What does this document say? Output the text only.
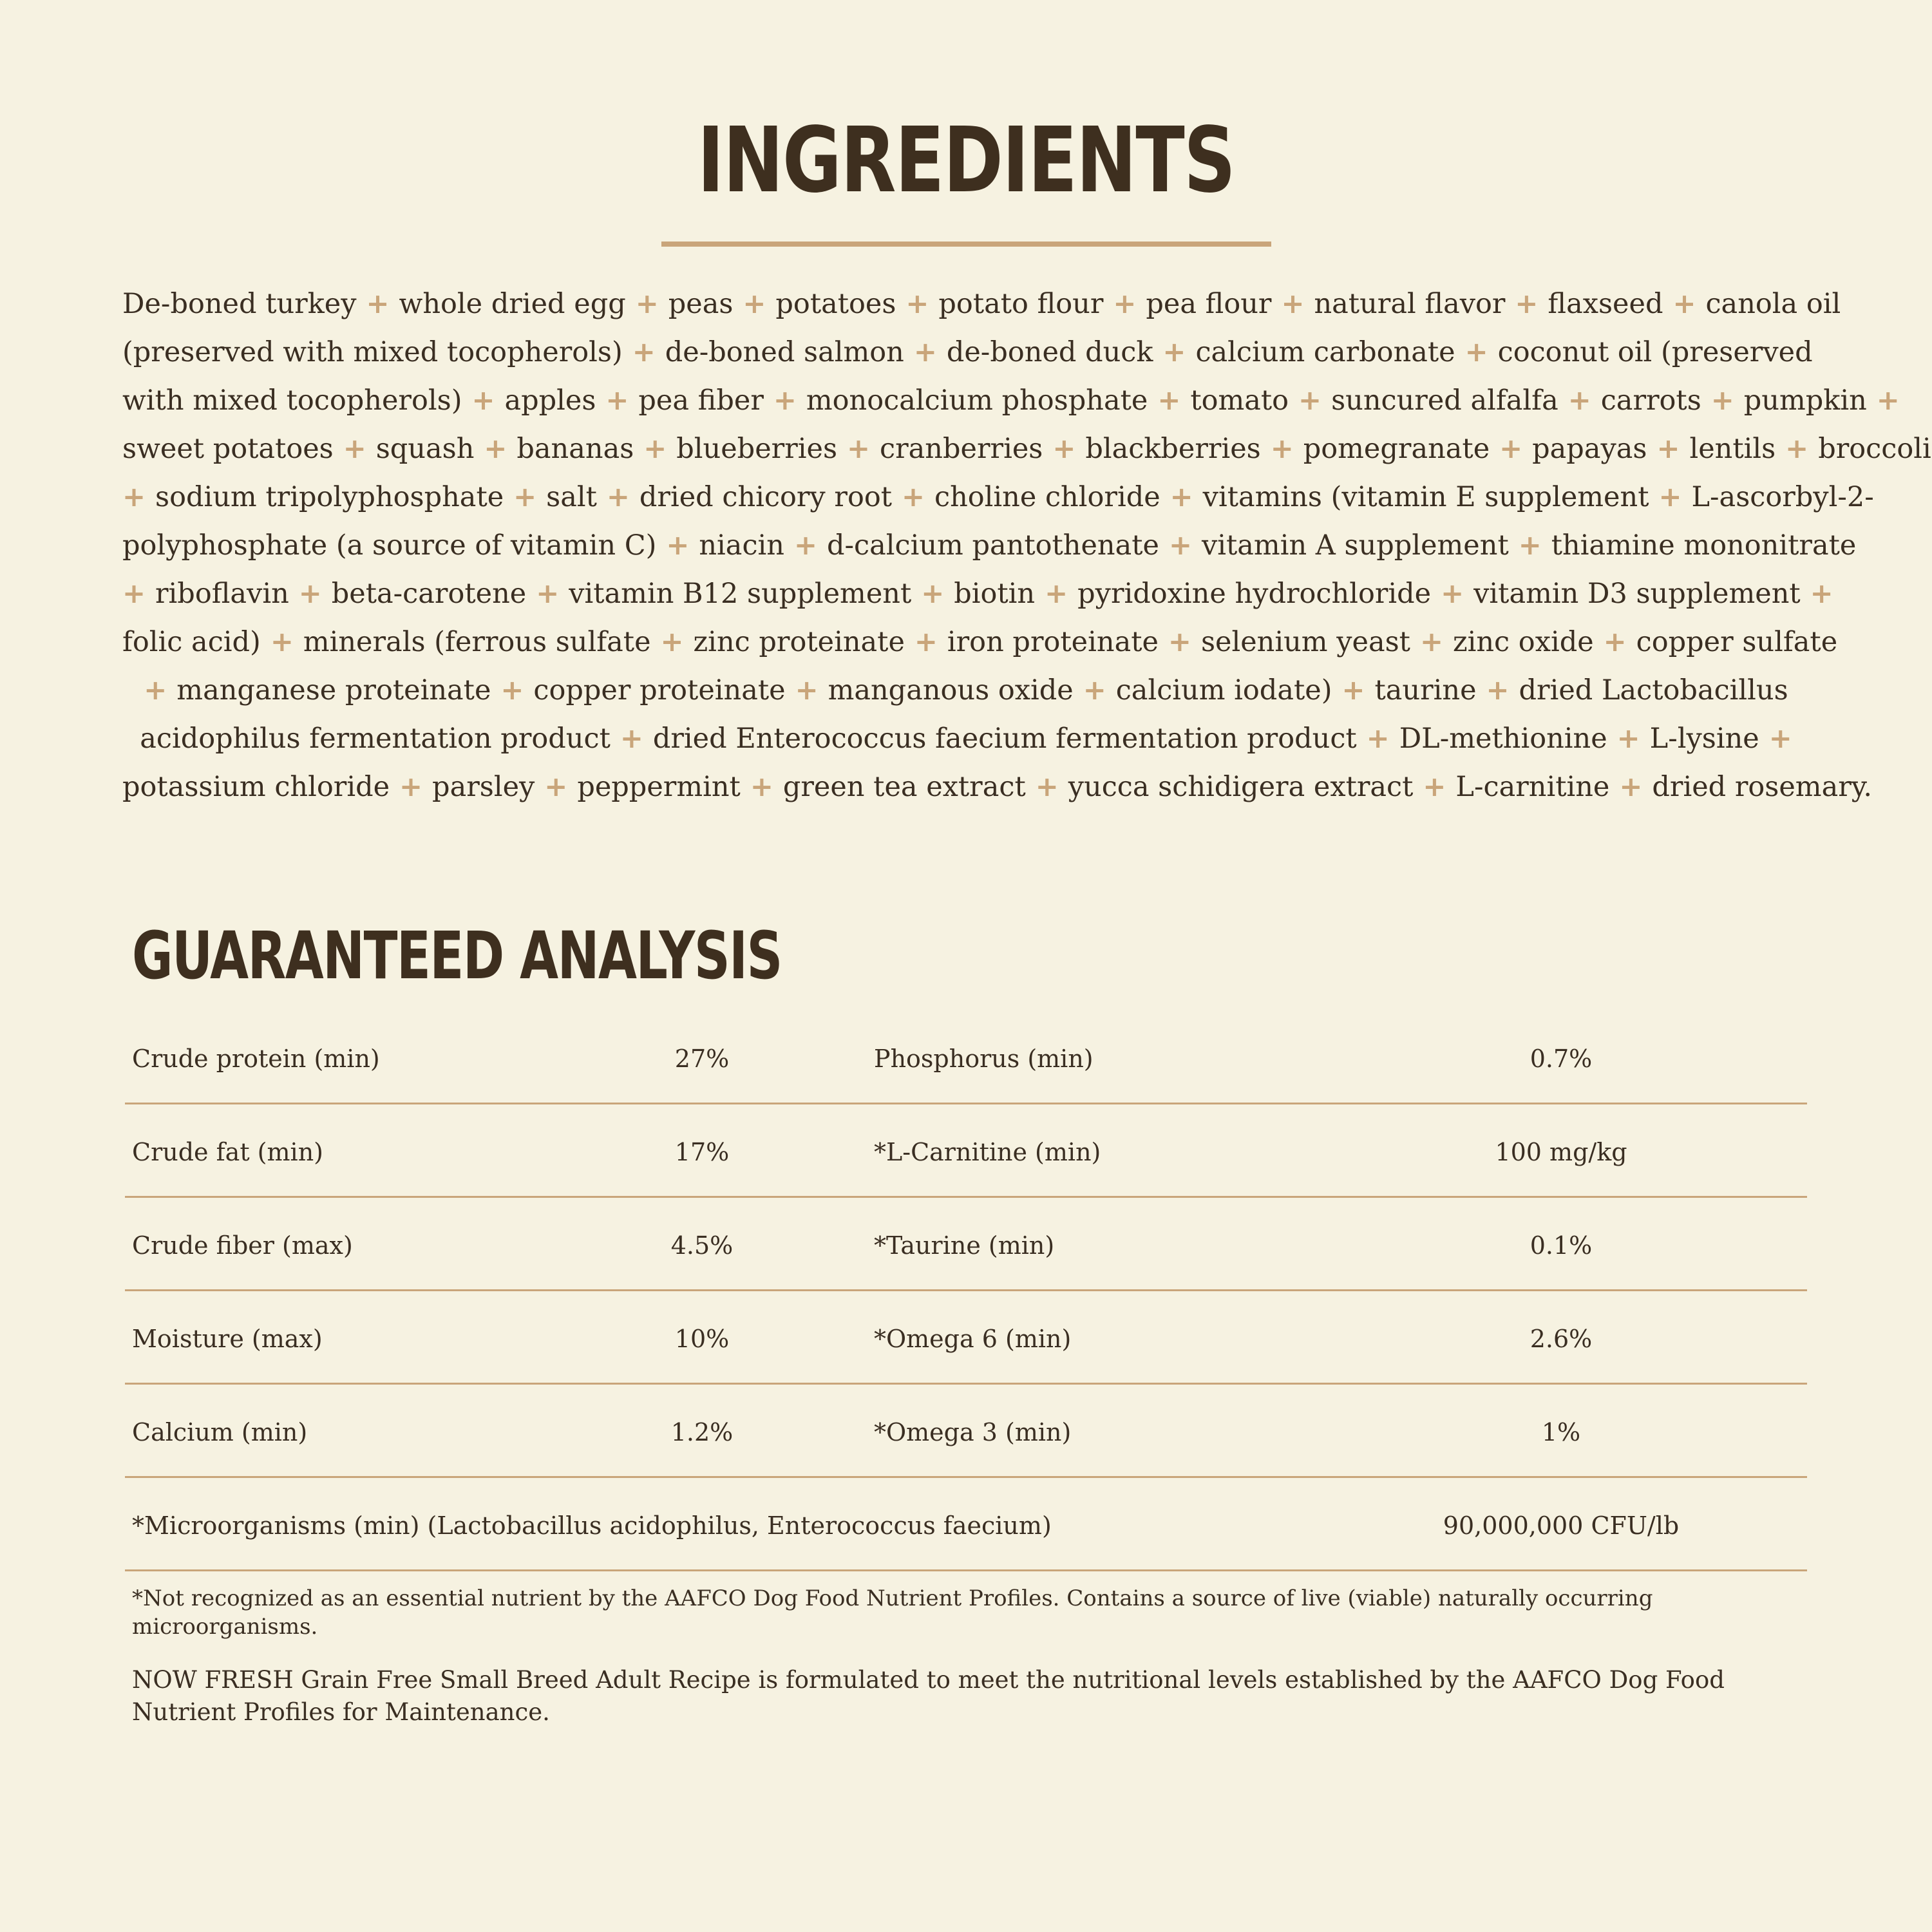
INGREDIENTS
De-boned turkey + whole dried egg + peas + potatoes + potato flour + pea flour + natural flavor + flaxseed + canola oil
(preserved with mixed tocopherols) + de-boned salmon + de-boned duck + calcium carbonate + coconut oil (preserved
with mixed tocopherols) + apples + pea fiber + monocalcium phosphate + tomato + suncured alfalfa + carrots + pumpkin +
sweet potatoes + squash + bananas + blueberries + cranberries + blackberries + pomegranate + papayas + lentils + broccoli
+ sodium tripolyphosphate + salt + dried chicory root + choline chloride + vitamins (vitamin E supplement + L-ascorbyl-2-
polyphosphate (a source of vitamin C) + niacin + d-calcium pantothenate + vitamin A supplement + thiamine mononitrate
+ riboflavin + beta-carotene + vitamin B12 supplement + biotin + pyridoxine hydrochloride + vitamin D3 supplement +
folic acid) + minerals (ferrous sulfate + zinc proteinate + iron proteinate + selenium yeast + zinc oxide + copper sulfate
+ manganese proteinate + copper proteinate + manganous oxide + calcium iodate) + taurine + dried Lactobacillus
acidophilus fermentation product + dried Enterococcus faecium fermentation product + DL-methionine + L-lysine +
potassium chloride + parsley + peppermint + green tea extract + yucca schidigera extract + L-carnitine + dried rosemary.
GUARANTEED ANALYSIS
Crude protein (min)	27%	Phosphorus (min)	0.7%
Crude fat (min)	17%	*L-Carnitine (min)	100 mg/kg
Crude fiber (max)	4.5%	*Taurine (min)	0.1%
Moisture (max)	10%	*Omega 6 (min)	2.6%
Calcium (min)	1.2%	*Omega 3 (min)	1%
*Microorganisms (min) (Lactobacillus acidophilus, Enterococcus faecium)	90,000,000 CFU/lb

*Not recognized as an essential nutrient by the AAFCO Dog Food Nutrient Profiles. Contains a source of live (viable) naturally occurring microorganisms.

NOW FRESH Grain Free Small Breed Adult Recipe is formulated to meet the nutritional levels established by the AAFCO Dog Food Nutrient Profiles for Maintenance.
